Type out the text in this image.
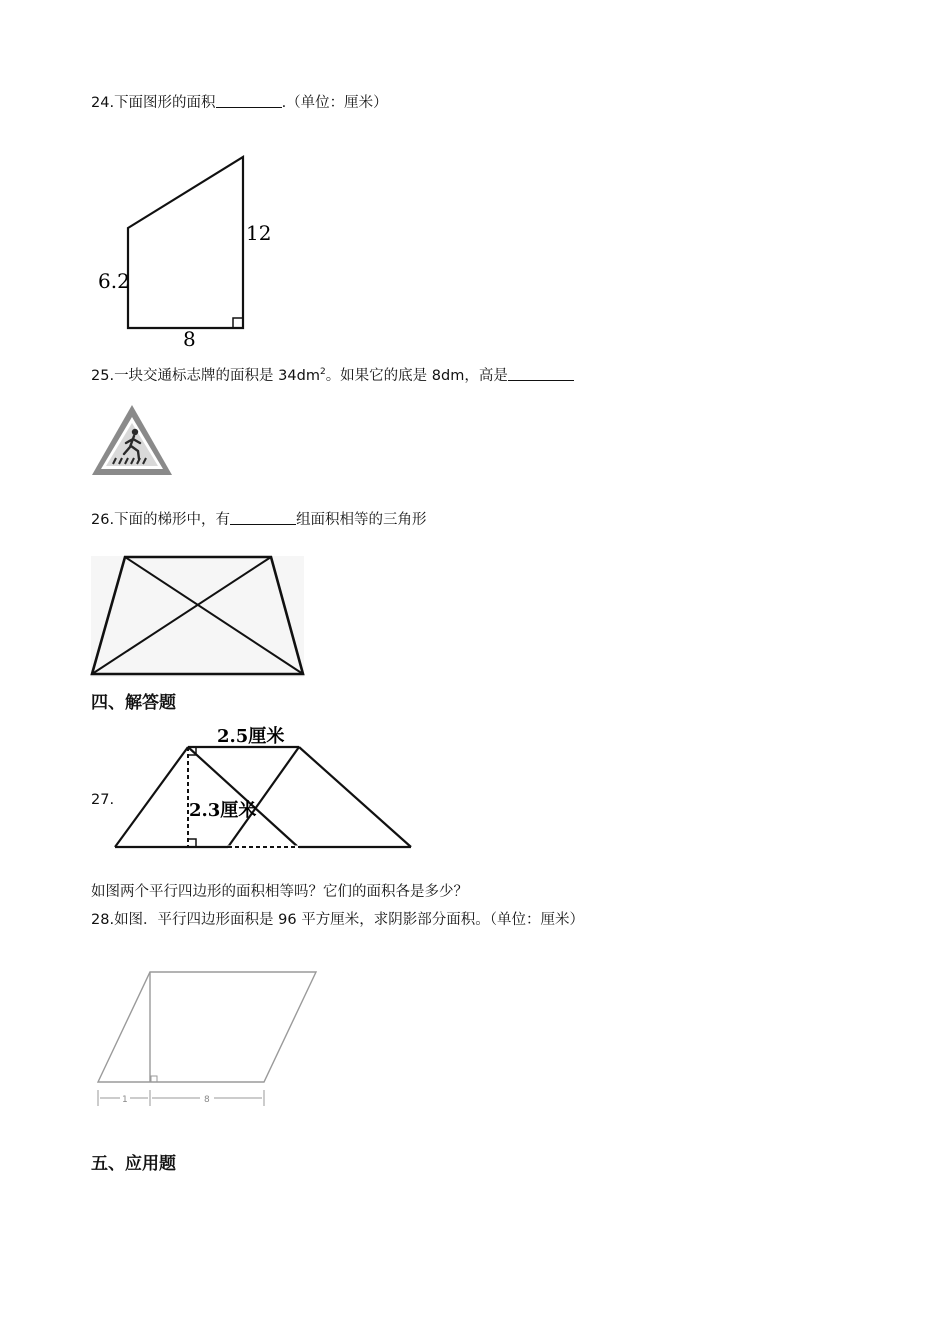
24.下面图形的面积	.（单位：厘米）
6.2
12
8
25.一块交通标志牌的面积是 $34dm^2$。如果它的底是 8dm，高是
26.下面的梯形中，有	组面积相等的三角形
四、解答题
27.
2.5厘米
2.3厘米
如图两个平行四边形的面积相等吗？它们的面积各是多少？
28.如图．平行四边形面积是 96 平方厘米，求阴影部分面积。（单位：厘米）
1	8
五、应用题
